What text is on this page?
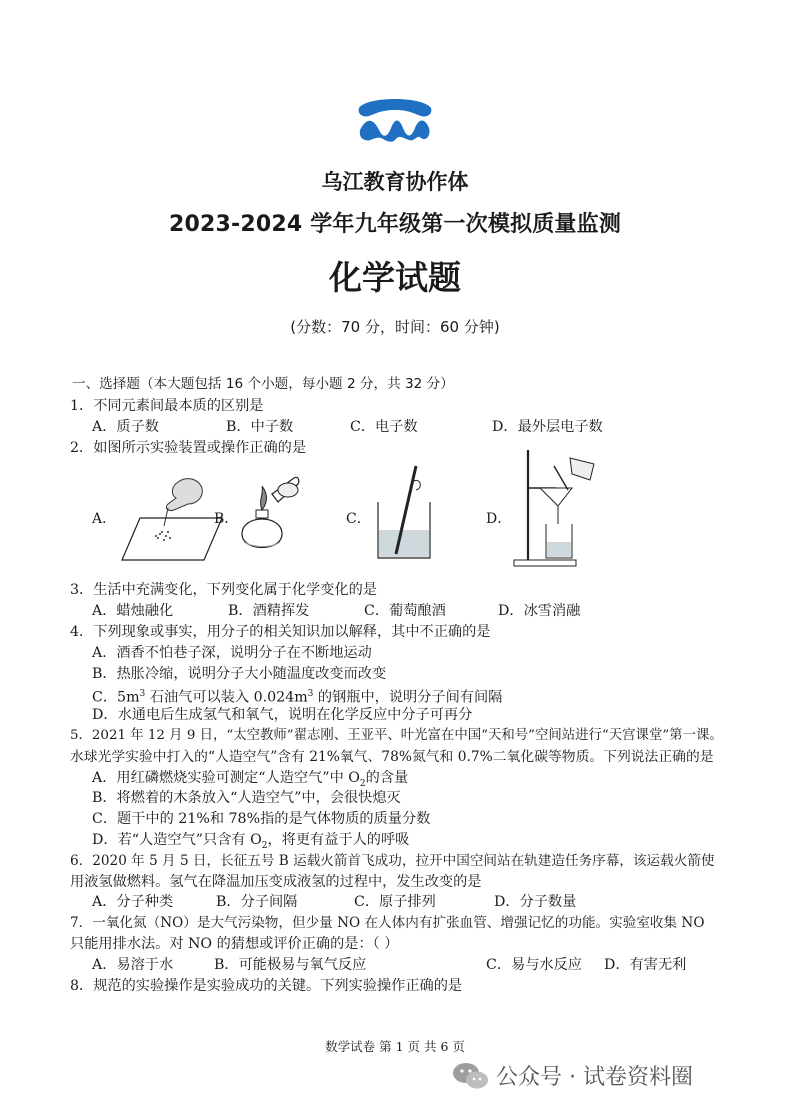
乌江教育协作体
2023-2024 学年九年级第一次模拟质量监测
化学试题
(分数：70 分，时间：60 分钟)
一、选择题（本大题包括 16 个小题，每小题 2 分，共 32 分）
1．不同元素间最本质的区别是
A．质子数	B．中子数	C．电子数	D．最外层电子数
2．如图所示实验装置或操作正确的是
A．	B．	C．	D．
3．生活中充满变化，下列变化属于化学变化的是
A．蜡烛融化	B．酒精挥发	C．葡萄酿酒	D．冰雪消融
4．下列现象或事实，用分子的相关知识加以解释，其中不正确的是
A．酒香不怕巷子深，说明分子在不断地运动
B．热胀冷缩，说明分子大小随温度改变而改变
C．$5m^3$ 石油气可以装入 $0.024m^3$ 的钢瓶中，说明分子间有间隔
D．水通电后生成氢气和氧气，说明在化学反应中分子可再分
5．2021 年 12 月 9 日，“太空教师”翟志刚、王亚平、叶光富在中国“天和号”空间站进行“天宫课堂”第一课。
水球光学实验中打入的“人造空气”含有 21%氧气、78%氮气和 0.7%二氧化碳等物质。下列说法正确的是
A．用红磷燃烧实验可测定“人造空气”中 $O_2$的含量
B．将燃着的木条放入“人造空气”中，会很快熄灭
C．题干中的 21%和 78%指的是气体物质的质量分数
D．若“人造空气”只含有 $O_2$，将更有益于人的呼吸
6．2020 年 5 月 5 日，长征五号 B 运载火箭首飞成功，拉开中国空间站在轨建造任务序幕，该运载火箭使
用液氢做燃料。氢气在降温加压变成液氢的过程中，发生改变的是
A．分子种类	B．分子间隔	C．原子排列	D．分子数量
7．一氧化氮（NO）是大气污染物，但少量 NO 在人体内有扩张血管、增强记忆的功能。实验室收集 NO
只能用排水法。对 NO 的猜想或评价正确的是：（ ）
A．易溶于水	B．可能极易与氧气反应	C．易与水反应	D．有害无利
8．规范的实验操作是实验成功的关键。下列实验操作正确的是
数学试卷 第 1 页 共 6 页
公众号 · 试卷资料圈
